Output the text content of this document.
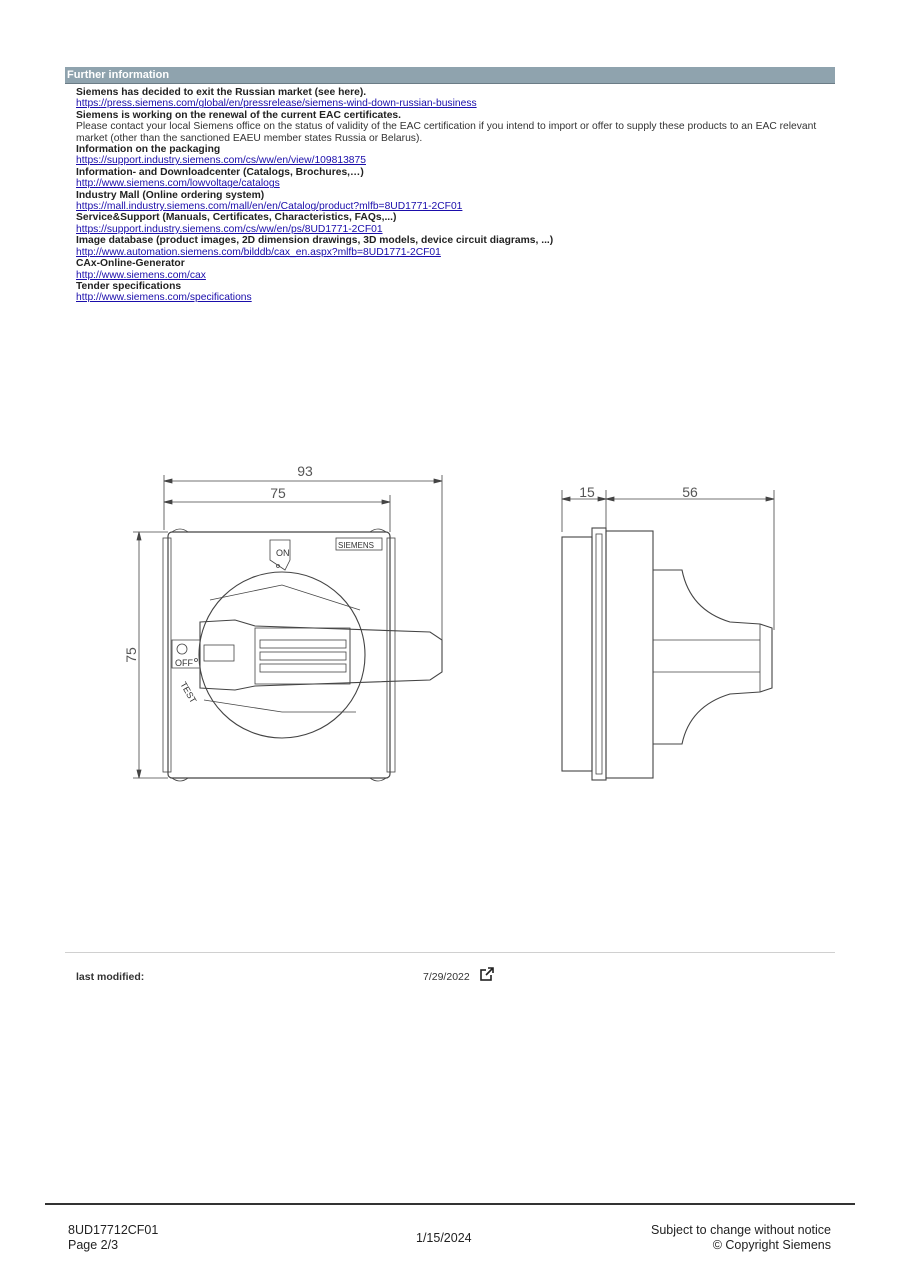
Further information
Siemens has decided to exit the Russian market (see here).
https://press.siemens.com/global/en/pressrelease/siemens-wind-down-russian-business
Siemens is working on the renewal of the current EAC certificates.
Please contact your local Siemens office on the status of validity of the EAC certification if you intend to import or offer to supply these products to an EAC relevant market (other than the sanctioned EAEU member states Russia or Belarus).
Information on the packaging
https://support.industry.siemens.com/cs/ww/en/view/109813875
Information- and Downloadcenter (Catalogs, Brochures,…)
http://www.siemens.com/lowvoltage/catalogs
Industry Mall (Online ordering system)
https://mall.industry.siemens.com/mall/en/en/Catalog/product?mlfb=8UD1771-2CF01
Service&Support (Manuals, Certificates, Characteristics, FAQs,...)
https://support.industry.siemens.com/cs/ww/en/ps/8UD1771-2CF01
Image database (product images, 2D dimension drawings, 3D models, device circuit diagrams, ...)
http://www.automation.siemens.com/bilddb/cax_en.aspx?mlfb=8UD1771-2CF01
CAx-Online-Generator
http://www.siemens.com/cax
Tender specifications
http://www.siemens.com/specifications
93
75
75
15	56
ON
OFF
TEST
SIEMENS
last modified:	7/29/2022
8UD17712CF01
Page 2/3	1/15/2024
Subject to change without notice
© Copyright Siemens
